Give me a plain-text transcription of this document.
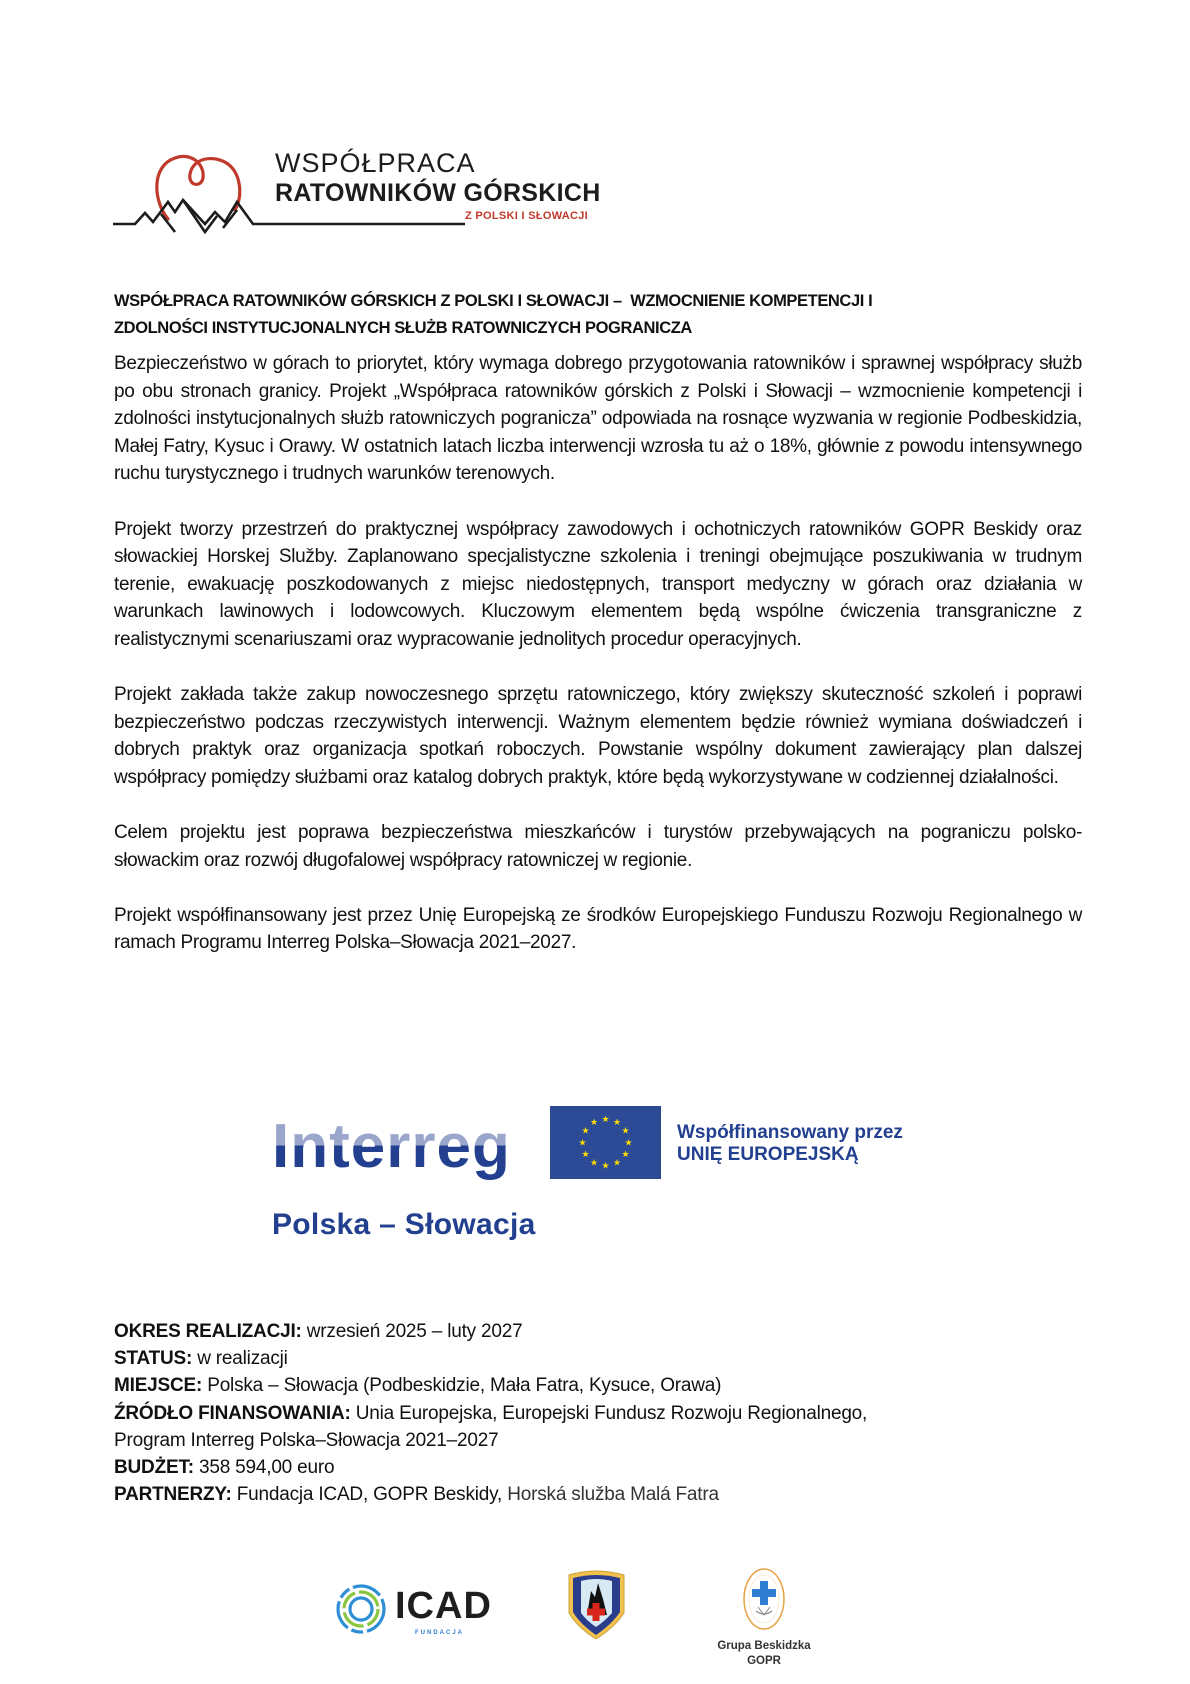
WSPÓŁPRACA
RATOWNIKÓW GÓRSKICH
Z POLSKI I SŁOWACJI
WSPÓŁPRACA RATOWNIKÓW GÓRSKICH Z POLSKI I SŁOWACJI –  WZMOCNIENIE KOMPETENCJI I
ZDOLNOŚCI INSTYTUCJONALNYCH SŁUŻB RATOWNICZYCH POGRANICZA

Bezpieczeństwo w górach to priorytet, który wymaga dobrego przygotowania ratowników i sprawnej współpracy służb po obu stronach granicy. Projekt „Współpraca ratowników górskich z Polski i Słowacji – wzmocnienie kompetencji i zdolności instytucjonalnych służb ratowniczych pogranicza” odpowiada na rosnące wyzwania w regionie Podbeskidzia, Małej Fatry, Kysuc i Orawy. W ostatnich latach liczba interwencji wzrosła tu aż o 18%, głównie z powodu intensywnego ruchu turystycznego i trudnych warunków terenowych.

Projekt tworzy przestrzeń do praktycznej współpracy zawodowych i ochotniczych ratowników GOPR Beskidy oraz słowackiej Horskej Služby. Zaplanowano specjalistyczne szkolenia i treningi obejmujące poszukiwania w trudnym terenie, ewakuację poszkodowanych z miejsc niedostępnych, transport medyczny w górach oraz działania w warunkach lawinowych i lodowcowych. Kluczowym elementem będą wspólne ćwiczenia transgraniczne z realistycznymi scenariuszami oraz wypracowanie jednolitych procedur operacyjnych.

Projekt zakłada także zakup nowoczesnego sprzętu ratowniczego, który zwiększy skuteczność szkoleń i poprawi bezpieczeństwo podczas rzeczywistych interwencji. Ważnym elementem będzie również wymiana doświadczeń i dobrych praktyk oraz organizacja spotkań roboczych. Powstanie wspólny dokument zawierający plan dalszej współpracy pomiędzy służbami oraz katalog dobrych praktyk, które będą wykorzystywane w codziennej działalności.

Celem projektu jest poprawa bezpieczeństwa mieszkańców i turystów przebywających na pograniczu polsko-słowackim oraz rozwój długofalowej współpracy ratowniczej w regionie.

Projekt współfinansowany jest przez Unię Europejską ze środków Europejskiego Funduszu Rozwoju Regionalnego w ramach Programu Interreg Polska–Słowacja 2021–2027.

Interreg	★ ★
★
★
★
★
★
★
★
★
★
★	Współfinansowany przez
UNIĘ EUROPEJSKĄ
Polska – Słowacja
OKRES REALIZACJI: wrzesień 2025 – luty 2027
STATUS: w realizacji
MIEJSCE: Polska – Słowacja (Podbeskidzie, Mała Fatra, Kysuce, Orawa)
ŹRÓDŁO FINANSOWANIA: Unia Europejska, Europejski Fundusz Rozwoju Regionalnego,
Program Interreg Polska–Słowacja 2021–2027
BUDŻET: 358 594,00 euro
PARTNERZY: Fundacja ICAD, GOPR Beskidy, Horská služba Malá Fatra
ICAD
FUNDACJA
Grupa Beskidzka
GOPR
